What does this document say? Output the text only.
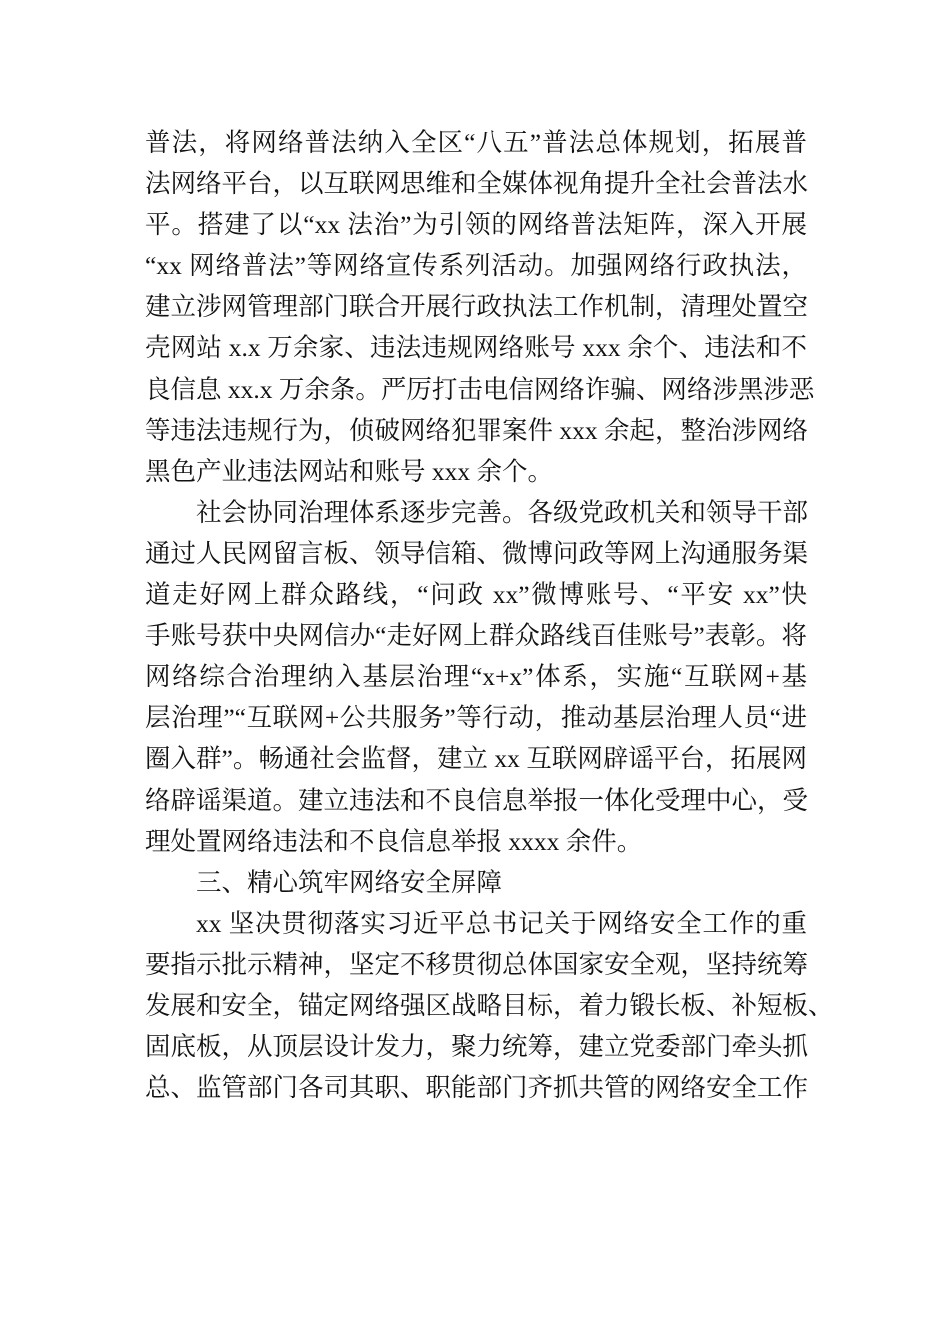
普法，将网络普法纳入全区“八五”普法总体规划，拓展普
法网络平台，以互联网思维和全媒体视角提升全社会普法水
平。搭建了以“xx 法治”为引领的网络普法矩阵，深入开展
“xx 网络普法”等网络宣传系列活动。加强网络行政执法，
建立涉网管理部门联合开展行政执法工作机制，清理处置空
壳网站 x.x 万余家、违法违规网络账号 xxx 余个、违法和不
良信息 xx.x 万余条。严厉打击电信网络诈骗、网络涉黑涉恶
等违法违规行为，侦破网络犯罪案件 xxx 余起，整治涉网络
黑色产业违法网站和账号 xxx 余个。
社会协同治理体系逐步完善。各级党政机关和领导干部
通过人民网留言板、领导信箱、微博问政等网上沟通服务渠
道走好网上群众路线，“问政 xx”微博账号、“平安 xx”快
手账号获中央网信办“走好网上群众路线百佳账号”表彰。将
网络综合治理纳入基层治理“x+x”体系，实施“互联网+基
层治理”“互联网+公共服务”等行动，推动基层治理人员“进
圈入群”。畅通社会监督，建立 xx 互联网辟谣平台，拓展网
络辟谣渠道。建立违法和不良信息举报一体化受理中心，受
理处置网络违法和不良信息举报 xxxx 余件。
三、精心筑牢网络安全屏障
xx 坚决贯彻落实习近平总书记关于网络安全工作的重
要指示批示精神，坚定不移贯彻总体国家安全观，坚持统筹
发展和安全，锚定网络强区战略目标，着力锻长板、补短板、
固底板，从顶层设计发力，聚力统筹，建立党委部门牵头抓
总、监管部门各司其职、职能部门齐抓共管的网络安全工作
